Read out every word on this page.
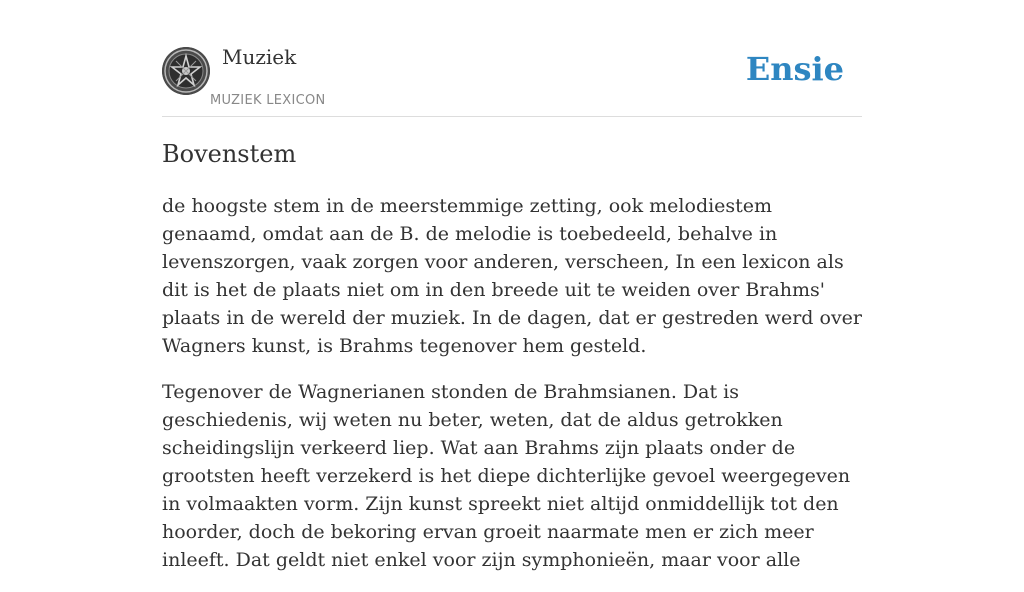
Muziek
MUZIEK LEXICON
Ensie
Bovenstem

de hoogste stem in de meerstemmige zetting, ook melodiestem genaamd, omdat aan de B. de melodie is toebedeeld, behalve in levenszorgen, vaak zorgen voor anderen, verscheen, In een lexicon als dit is het de plaats niet om in den breede uit te weiden over Brahms' plaats in de wereld der muziek. In de dagen, dat er gestreden werd over Wagners kunst, is Brahms tegenover hem gesteld.

Tegenover de Wagnerianen stonden de Brahmsianen. Dat is geschiedenis, wij weten nu beter, weten, dat de aldus getrokken scheidingslijn verkeerd liep. Wat aan Brahms zijn plaats onder de grootsten heeft verzekerd is het diepe dichterlijke gevoel weergegeven in volmaakten vorm. Zijn kunst spreekt niet altijd onmiddellijk tot den hoorder, doch de bekoring ervan groeit naarmate men er zich meer inleeft. Dat geldt niet enkel voor zijn symphonieën, maar voor alle
